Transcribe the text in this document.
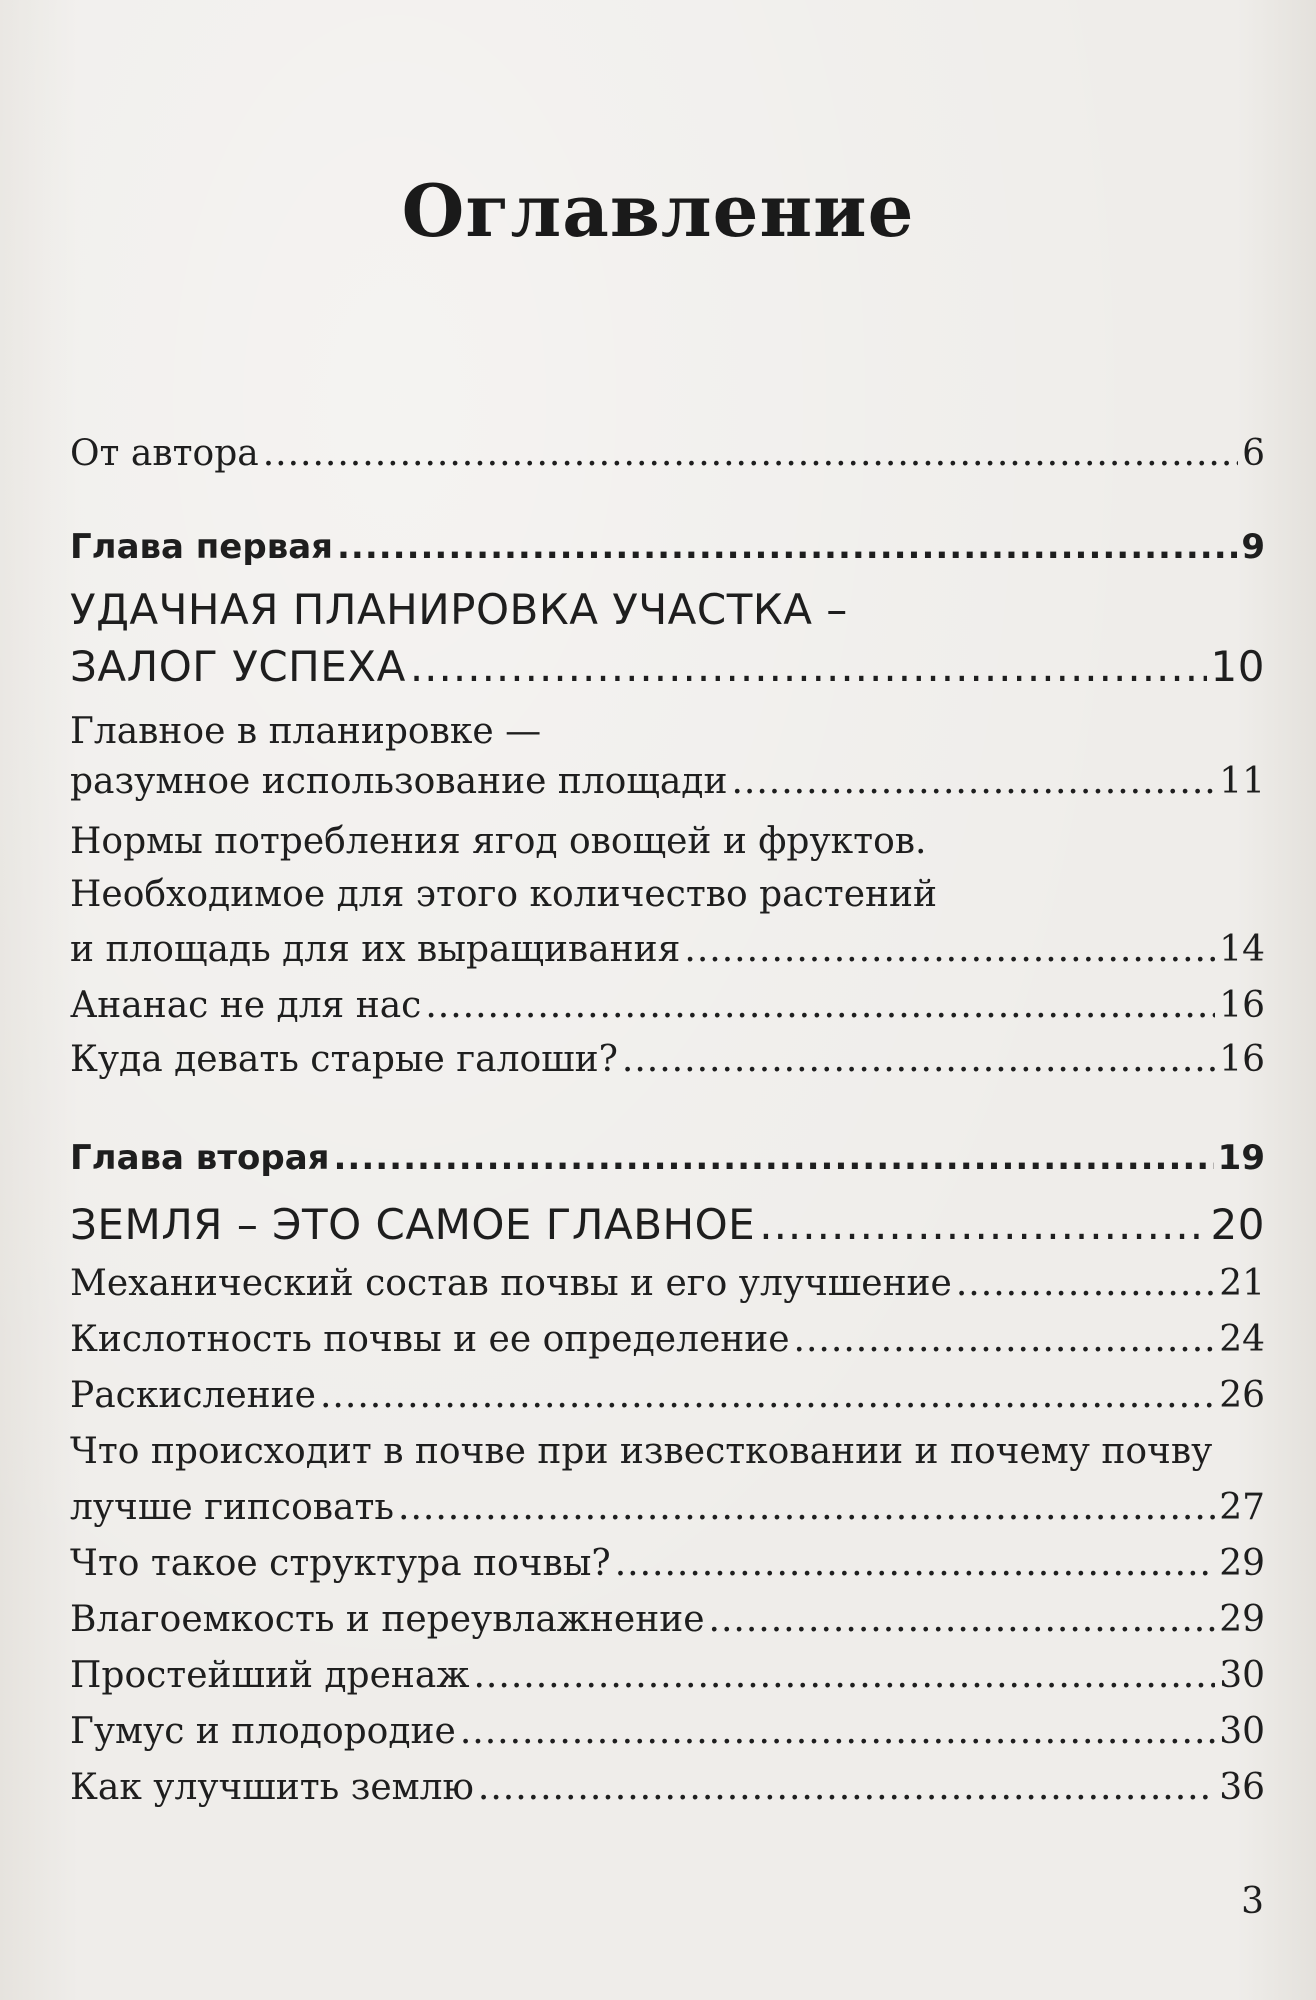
Оглавление
От автора .....	6
Глава первая .....	9
УДАЧНАЯ ПЛАНИРОВКА УЧАСТКА –
ЗАЛОГ УСПЕХА .....	10
Главное в планировке —
разумное использование площади .....	11
Нормы потребления ягод овощей и фруктов.
Необходимое для этого количество растений
и площадь для их выращивания .....	14
Ананас не для нас .....	16
Куда девать старые галоши? .....	16
Глава вторая .....	19
ЗЕМЛЯ – ЭТО САМОЕ ГЛАВНОЕ .....	20
Механический состав почвы и его улучшение .....	21
Кислотность почвы и ее определение .....	24
Раскисление .....	26
Что происходит в почве при известковании и почему почву
лучше гипсовать .....	27
Что такое структура почвы? .....	29
Влагоемкость и переувлажнение .....	29
Простейший дренаж .....	30
Гумус и плодородие .....	30
Как улучшить землю .....	36
3
